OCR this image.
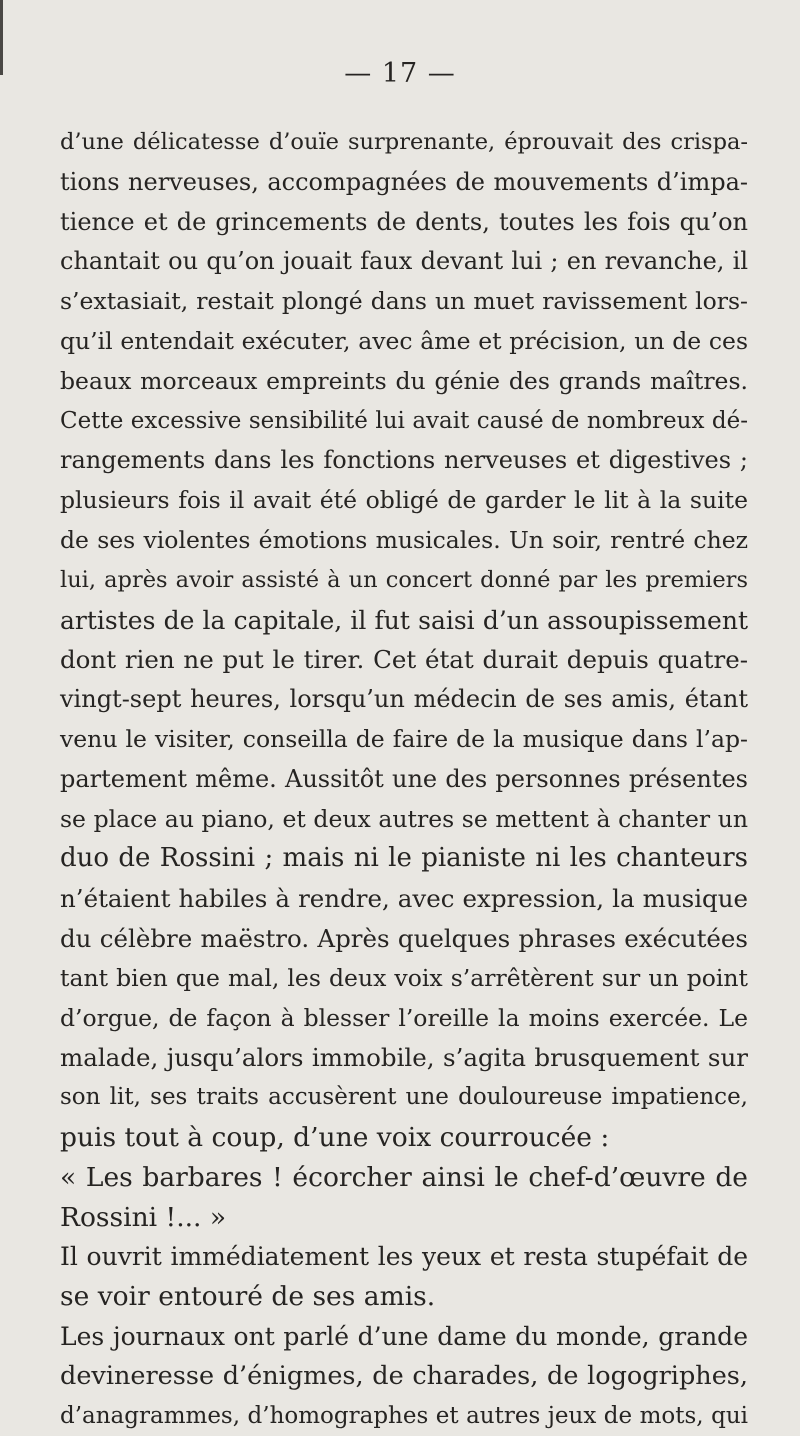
— 17 —
d’une délicatesse d’ouïe surprenante, éprouvait des crispa-
tions nerveuses, accompagnées de mouvements d’impa-
tience et de grincements de dents, toutes les fois qu’on
chantait ou qu’on jouait faux devant lui ; en revanche, il
s’extasiait, restait plongé dans un muet ravissement lors-
qu’il entendait exécuter, avec âme et précision, un de ces
beaux morceaux empreints du génie des grands maîtres.
Cette excessive sensibilité lui avait causé de nombreux dé-
rangements dans les fonctions nerveuses et digestives ;
plusieurs fois il avait été obligé de garder le lit à la suite
de ses violentes émotions musicales. Un soir, rentré chez
lui, après avoir assisté à un concert donné par les premiers
artistes de la capitale, il fut saisi d’un assoupissement
dont rien ne put le tirer. Cet état durait depuis quatre-
vingt-sept heures, lorsqu’un médecin de ses amis, étant
venu le visiter, conseilla de faire de la musique dans l’ap-
partement même. Aussitôt une des personnes présentes
se place au piano, et deux autres se mettent à chanter un
duo de Rossini ; mais ni le pianiste ni les chanteurs
n’étaient habiles à rendre, avec expression, la musique
du célèbre maëstro. Après quelques phrases exécutées
tant bien que mal, les deux voix s’arrêtèrent sur un point
d’orgue, de façon à blesser l’oreille la moins exercée. Le
malade, jusqu’alors immobile, s’agita brusquement sur
son lit, ses traits accusèrent une douloureuse impatience,
puis tout à coup, d’une voix courroucée :
« Les barbares ! écorcher ainsi le chef-d’œuvre de
Rossini !... »
Il ouvrit immédiatement les yeux et resta stupéfait de
se voir entouré de ses amis.
Les journaux ont parlé d’une dame du monde, grande
devineresse d’énigmes, de charades, de logogriphes,
d’anagrammes, d’homographes et autres jeux de mots, qui
